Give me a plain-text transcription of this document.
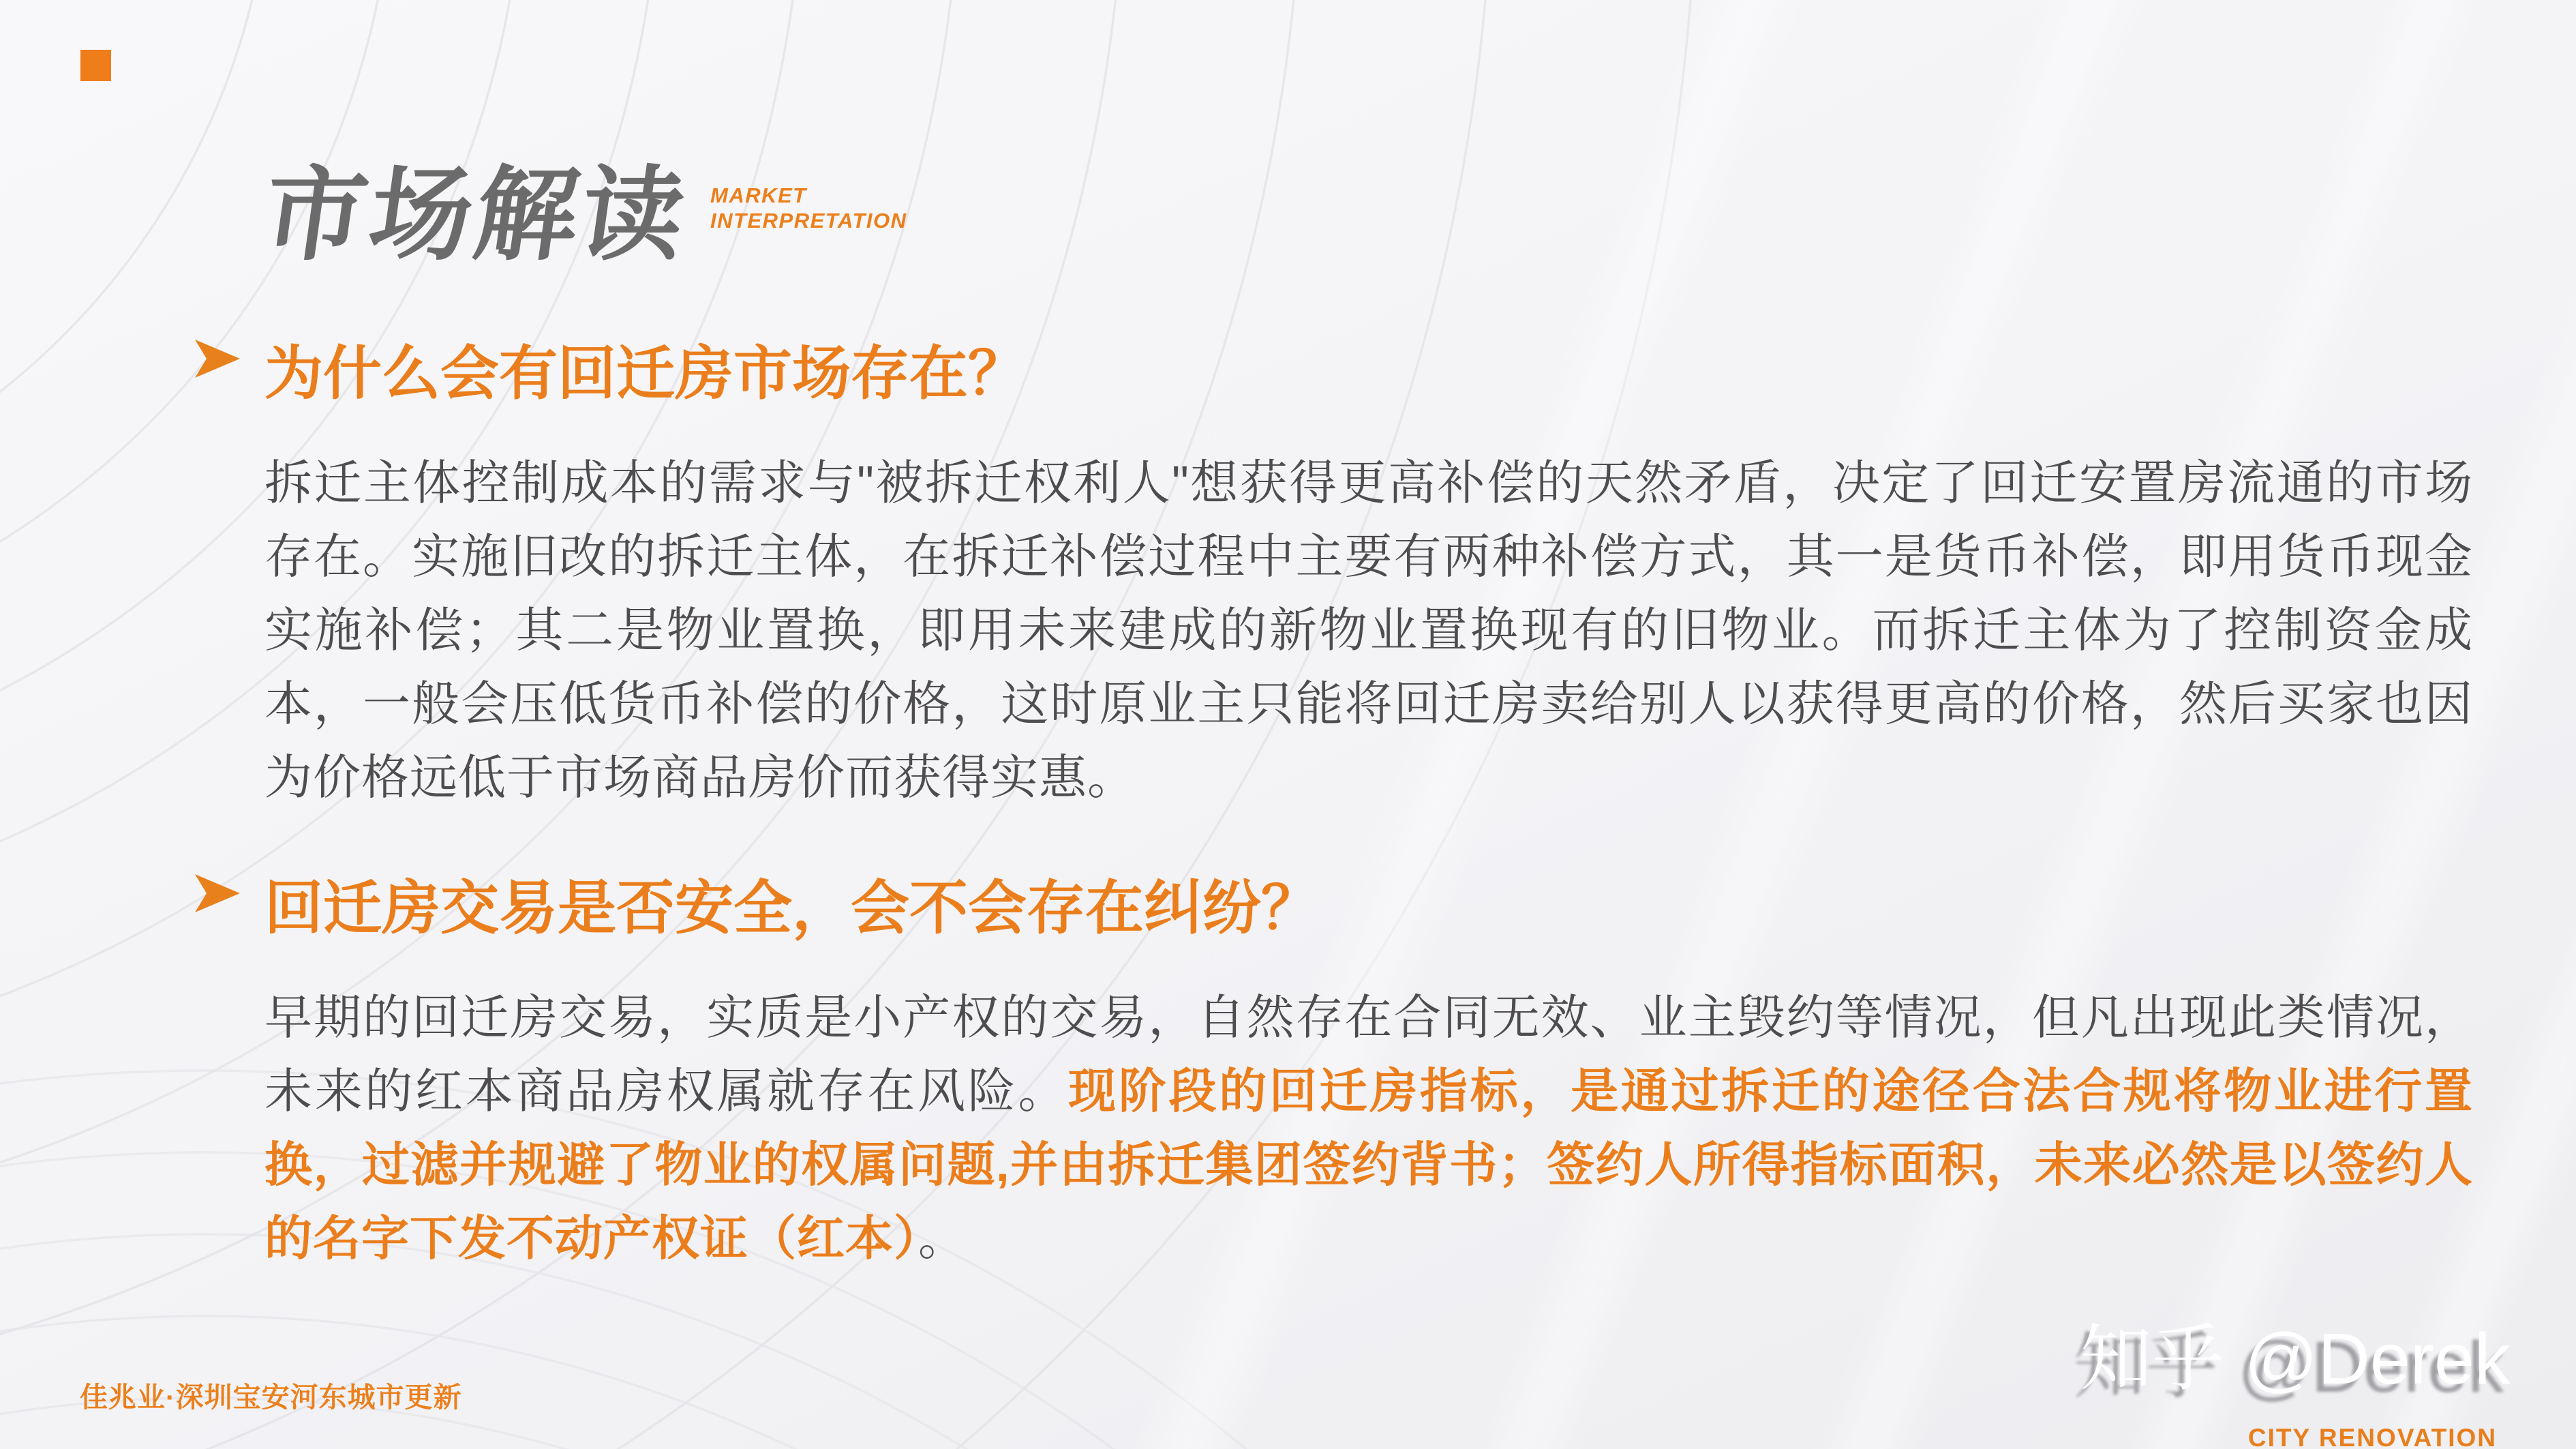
市场解读 MARKET
INTERPRETATION
为什么会有回迁房市场存在？

拆迁主体控制成本的需求与"被拆迁权利人"想获得更高补偿的天然矛盾，决定了回迁安置房流通的市场存在。实施旧改的拆迁主体，在拆迁补偿过程中主要有两种补偿方式，其一是货币补偿，即用货币现金实施补偿；其二是物业置换，即用未来建成的新物业置换现有的旧物业。而拆迁主体为了控制资金成本，一般会压低货币补偿的价格，这时原业主只能将回迁房卖给别人以获得更高的价格，然后买家也因为价格远低于市场商品房价而获得实惠。

回迁房交易是否安全，会不会存在纠纷？

早期的回迁房交易，实质是小产权的交易，自然存在合同无效、业主毁约等情况，但凡出现此类情况，未来的红本商品房权属就存在风险。现阶段的回迁房指标，是通过拆迁的途径合法合规将物业进行置换，过滤并规避了物业的权属问题,并由拆迁集团签约背书；签约人所得指标面积，未来必然是以签约人的名字下发不动产权证（红本）。

佳兆业·深圳宝安河东城市更新	知乎 @Derek
CITY RENOVATION
